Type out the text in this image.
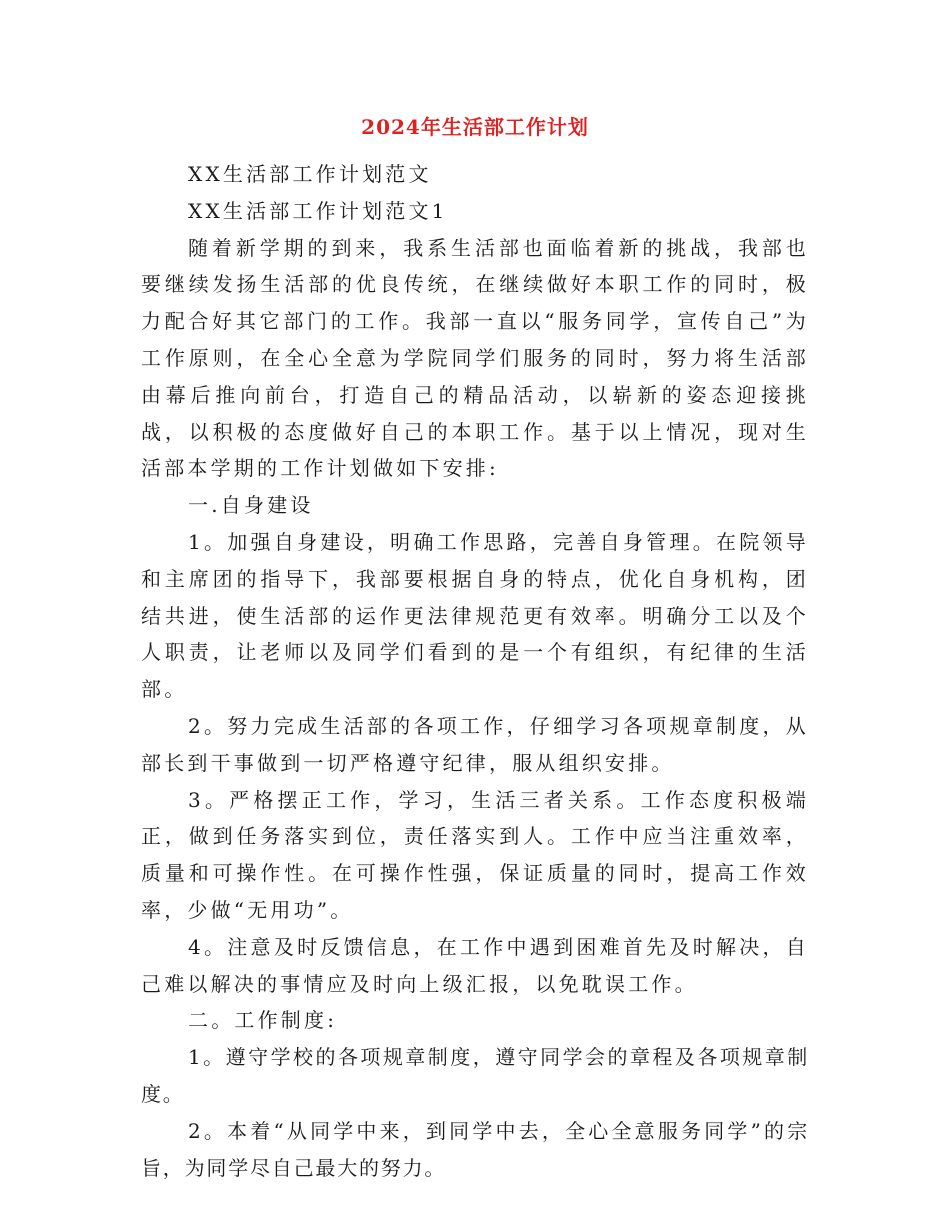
2024年生活部工作计划

XX生活部工作计划范文

XX生活部工作计划范文1

随着新学期的到来，我系生活部也面临着新的挑战，我部也要继续发扬生活部的优良传统，在继续做好本职工作的同时，极力配合好其它部门的工作。我部一直以“服务同学，宣传自己”为工作原则，在全心全意为学院同学们服务的同时，努力将生活部由幕后推向前台，打造自己的精品活动，以崭新的姿态迎接挑战，以积极的态度做好自己的本职工作。基于以上情况，现对生活部本学期的工作计划做如下安排:

一.自身建设

1。加强自身建设，明确工作思路，完善自身管理。在院领导和主席团的指导下，我部要根据自身的特点，优化自身机构，团结共进，使生活部的运作更法律规范更有效率。明确分工以及个人职责，让老师以及同学们看到的是一个有组织，有纪律的生活部。

2。努力完成生活部的各项工作，仔细学习各项规章制度，从部长到干事做到一切严格遵守纪律，服从组织安排。

3。严格摆正工作，学习，生活三者关系。工作态度积极端正，做到任务落实到位，责任落实到人。工作中应当注重效率，质量和可操作性。在可操作性强，保证质量的同时，提高工作效率，少做“无用功”。

4。注意及时反馈信息，在工作中遇到困难首先及时解决，自己难以解决的事情应及时向上级汇报，以免耽误工作。

二。工作制度:

1。遵守学校的各项规章制度，遵守同学会的章程及各项规章制度。

2。本着“从同学中来，到同学中去，全心全意服务同学”的宗旨，为同学尽自己最大的努力。
